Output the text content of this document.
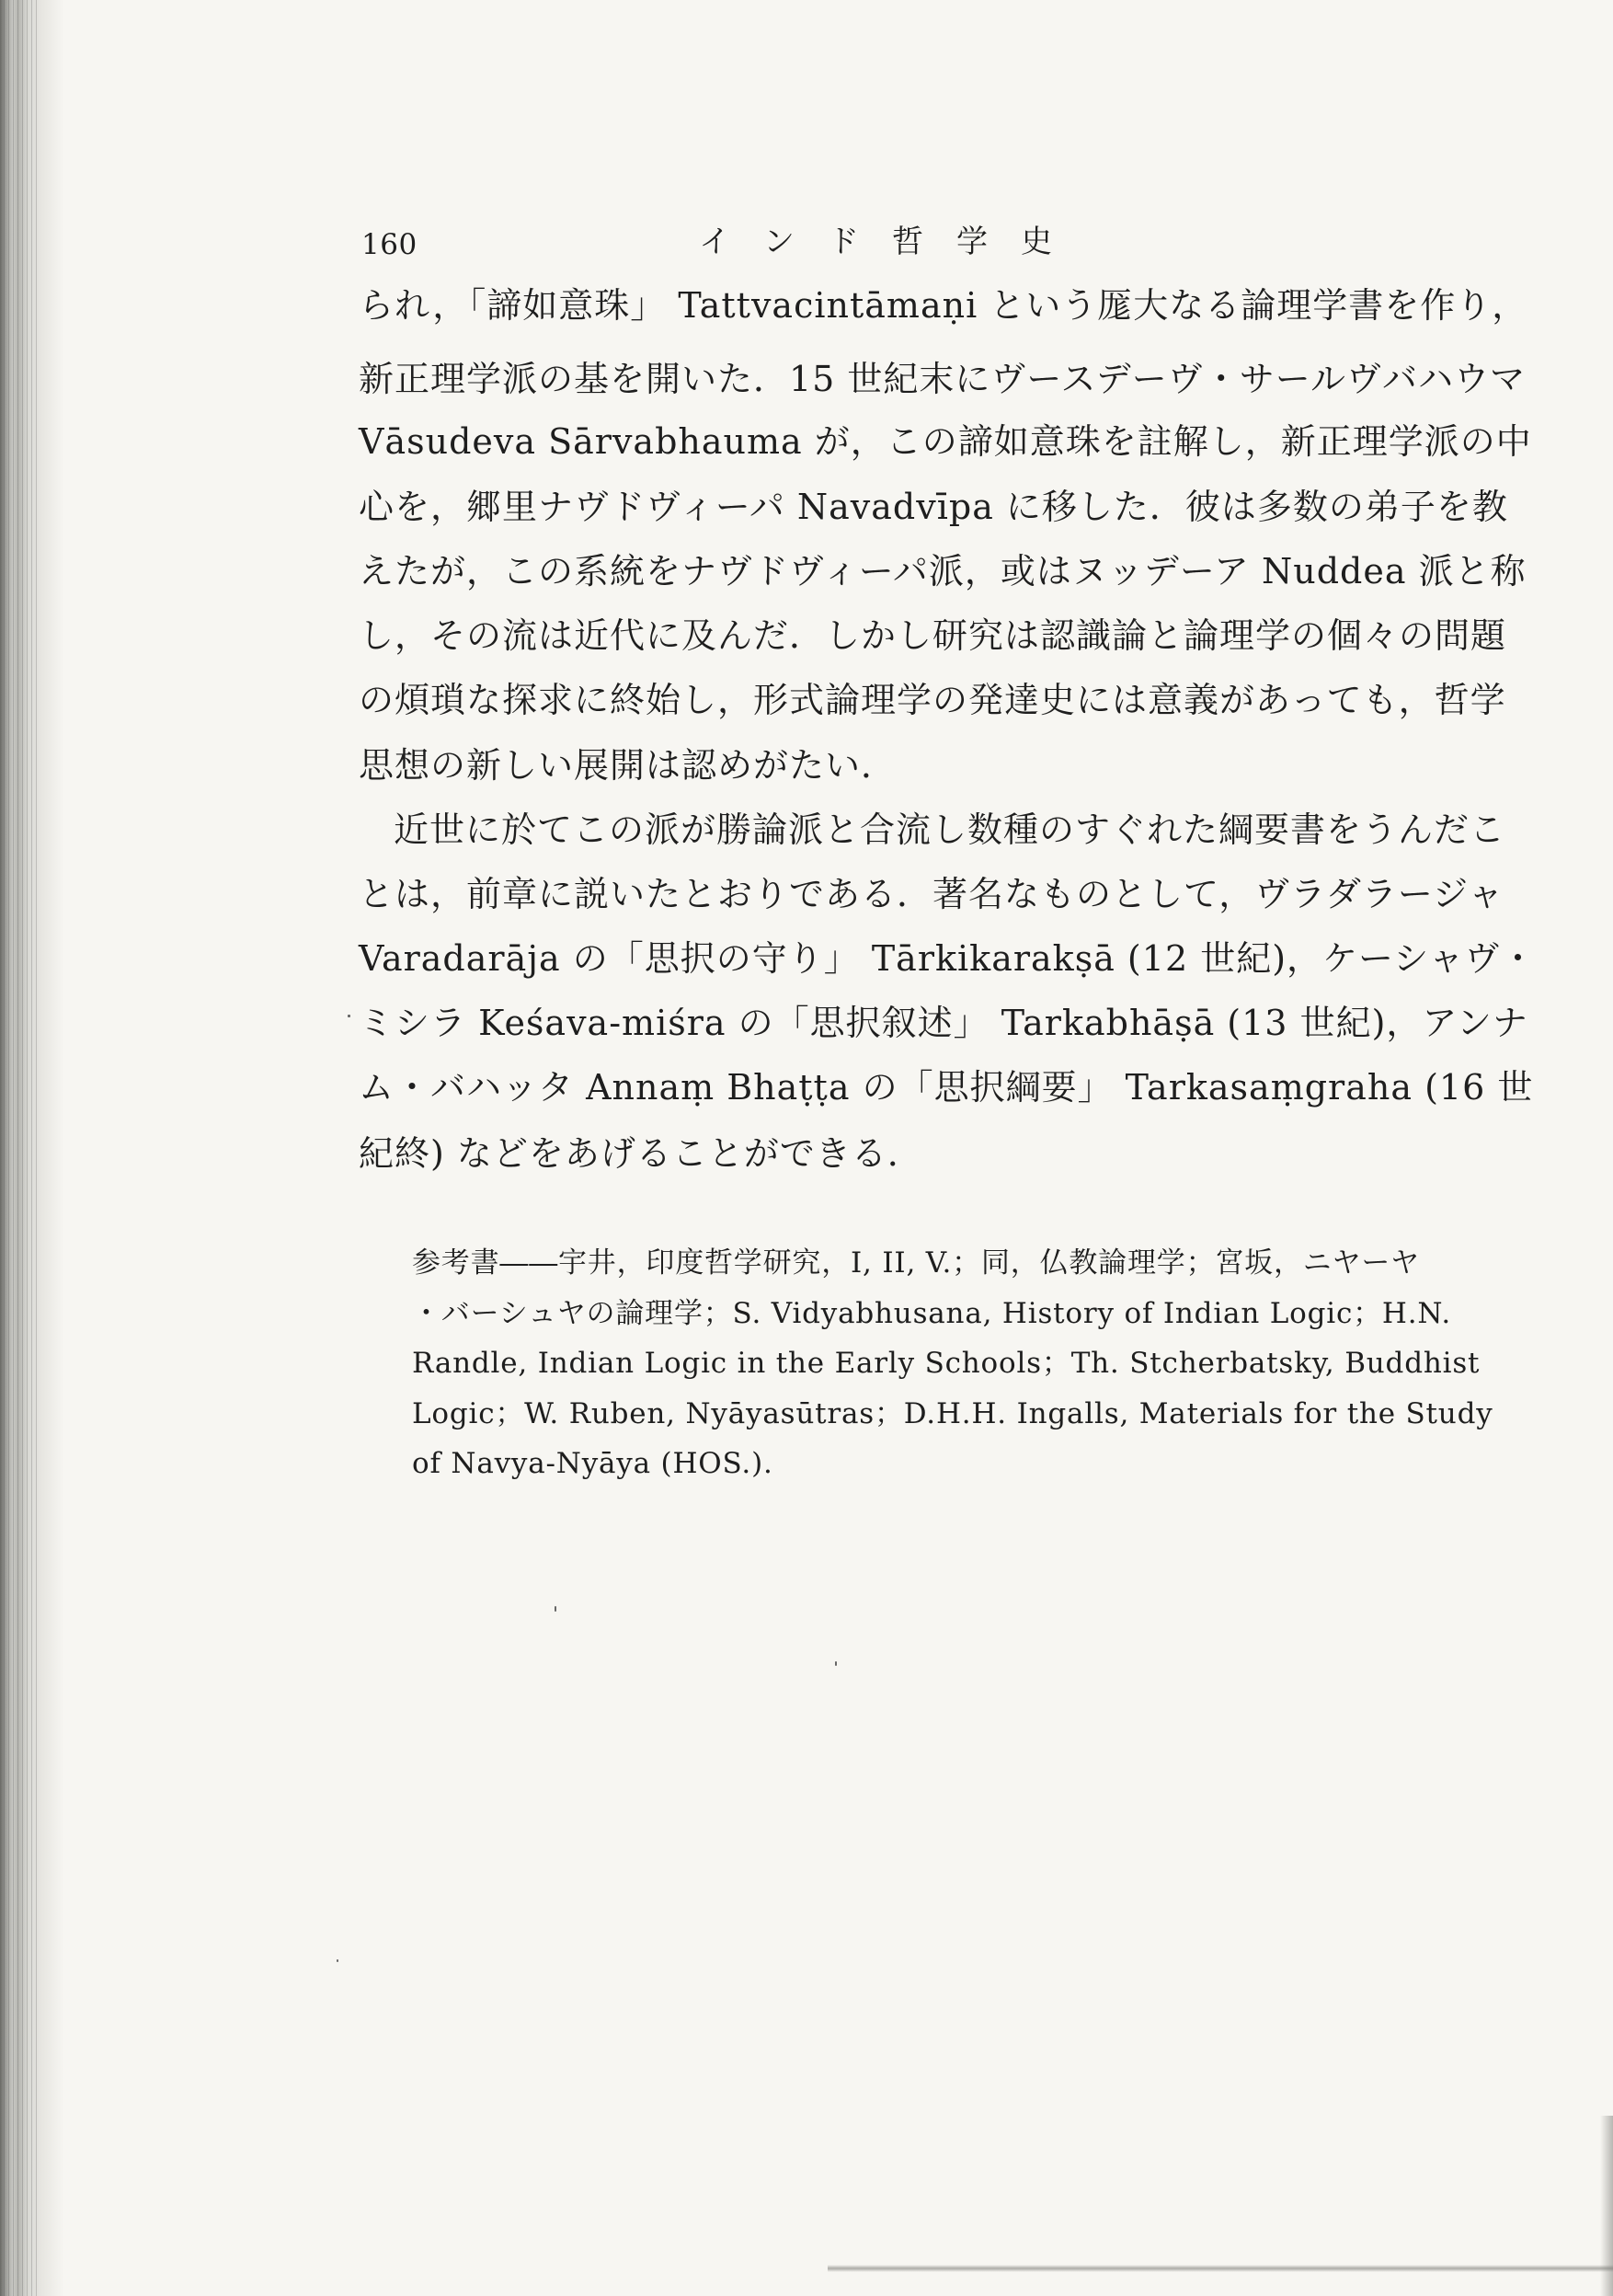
160	インド哲学史
られ，「諦如意珠」 Tattvacintāmaṇi という厖大なる論理学書を作り，
新正理学派の基を開いた．15 世紀末にヴースデーヴ・サールヴバハウマ
Vāsudeva Sārvabhauma が，この諦如意珠を註解し，新正理学派の中
心を，郷里ナヴドヴィーパ Navadvīpa に移した．彼は多数の弟子を教
えたが，この系統をナヴドヴィーパ派，或はヌッデーア Nuddea 派と称
し，その流は近代に及んだ．しかし研究は認識論と論理学の個々の問題
の煩瑣な探求に終始し，形式論理学の発達史には意義があっても，哲学
思想の新しい展開は認めがたい．
近世に於てこの派が勝論派と合流し数種のすぐれた綱要書をうんだこ
とは，前章に説いたとおりである．著名なものとして，ヴラダラージャ
Varadarāja の「思択の守り」 Tārkikarakṣā (12 世紀)，ケーシャヴ・
ミシラ Keśava-miśra の「思択叙述」 Tarkabhāṣā (13 世紀)，アンナ
ム・バハッタ Annaṃ Bhaṭṭa の「思択綱要」 Tarkasaṃgraha (16 世
紀終) などをあげることができる．
参考書――宇井，印度哲学研究，I, II, V.；同，仏教論理学；宮坂，ニヤーヤ
・バーシュヤの論理学；S. Vidyabhusana, History of Indian Logic；H.N.
Randle, Indian Logic in the Early Schools；Th. Stcherbatsky, Buddhist
Logic；W. Ruben, Nyāyasūtras；D.H.H. Ingalls, Materials for the Study
of Navya-Nyāya (HOS.).
